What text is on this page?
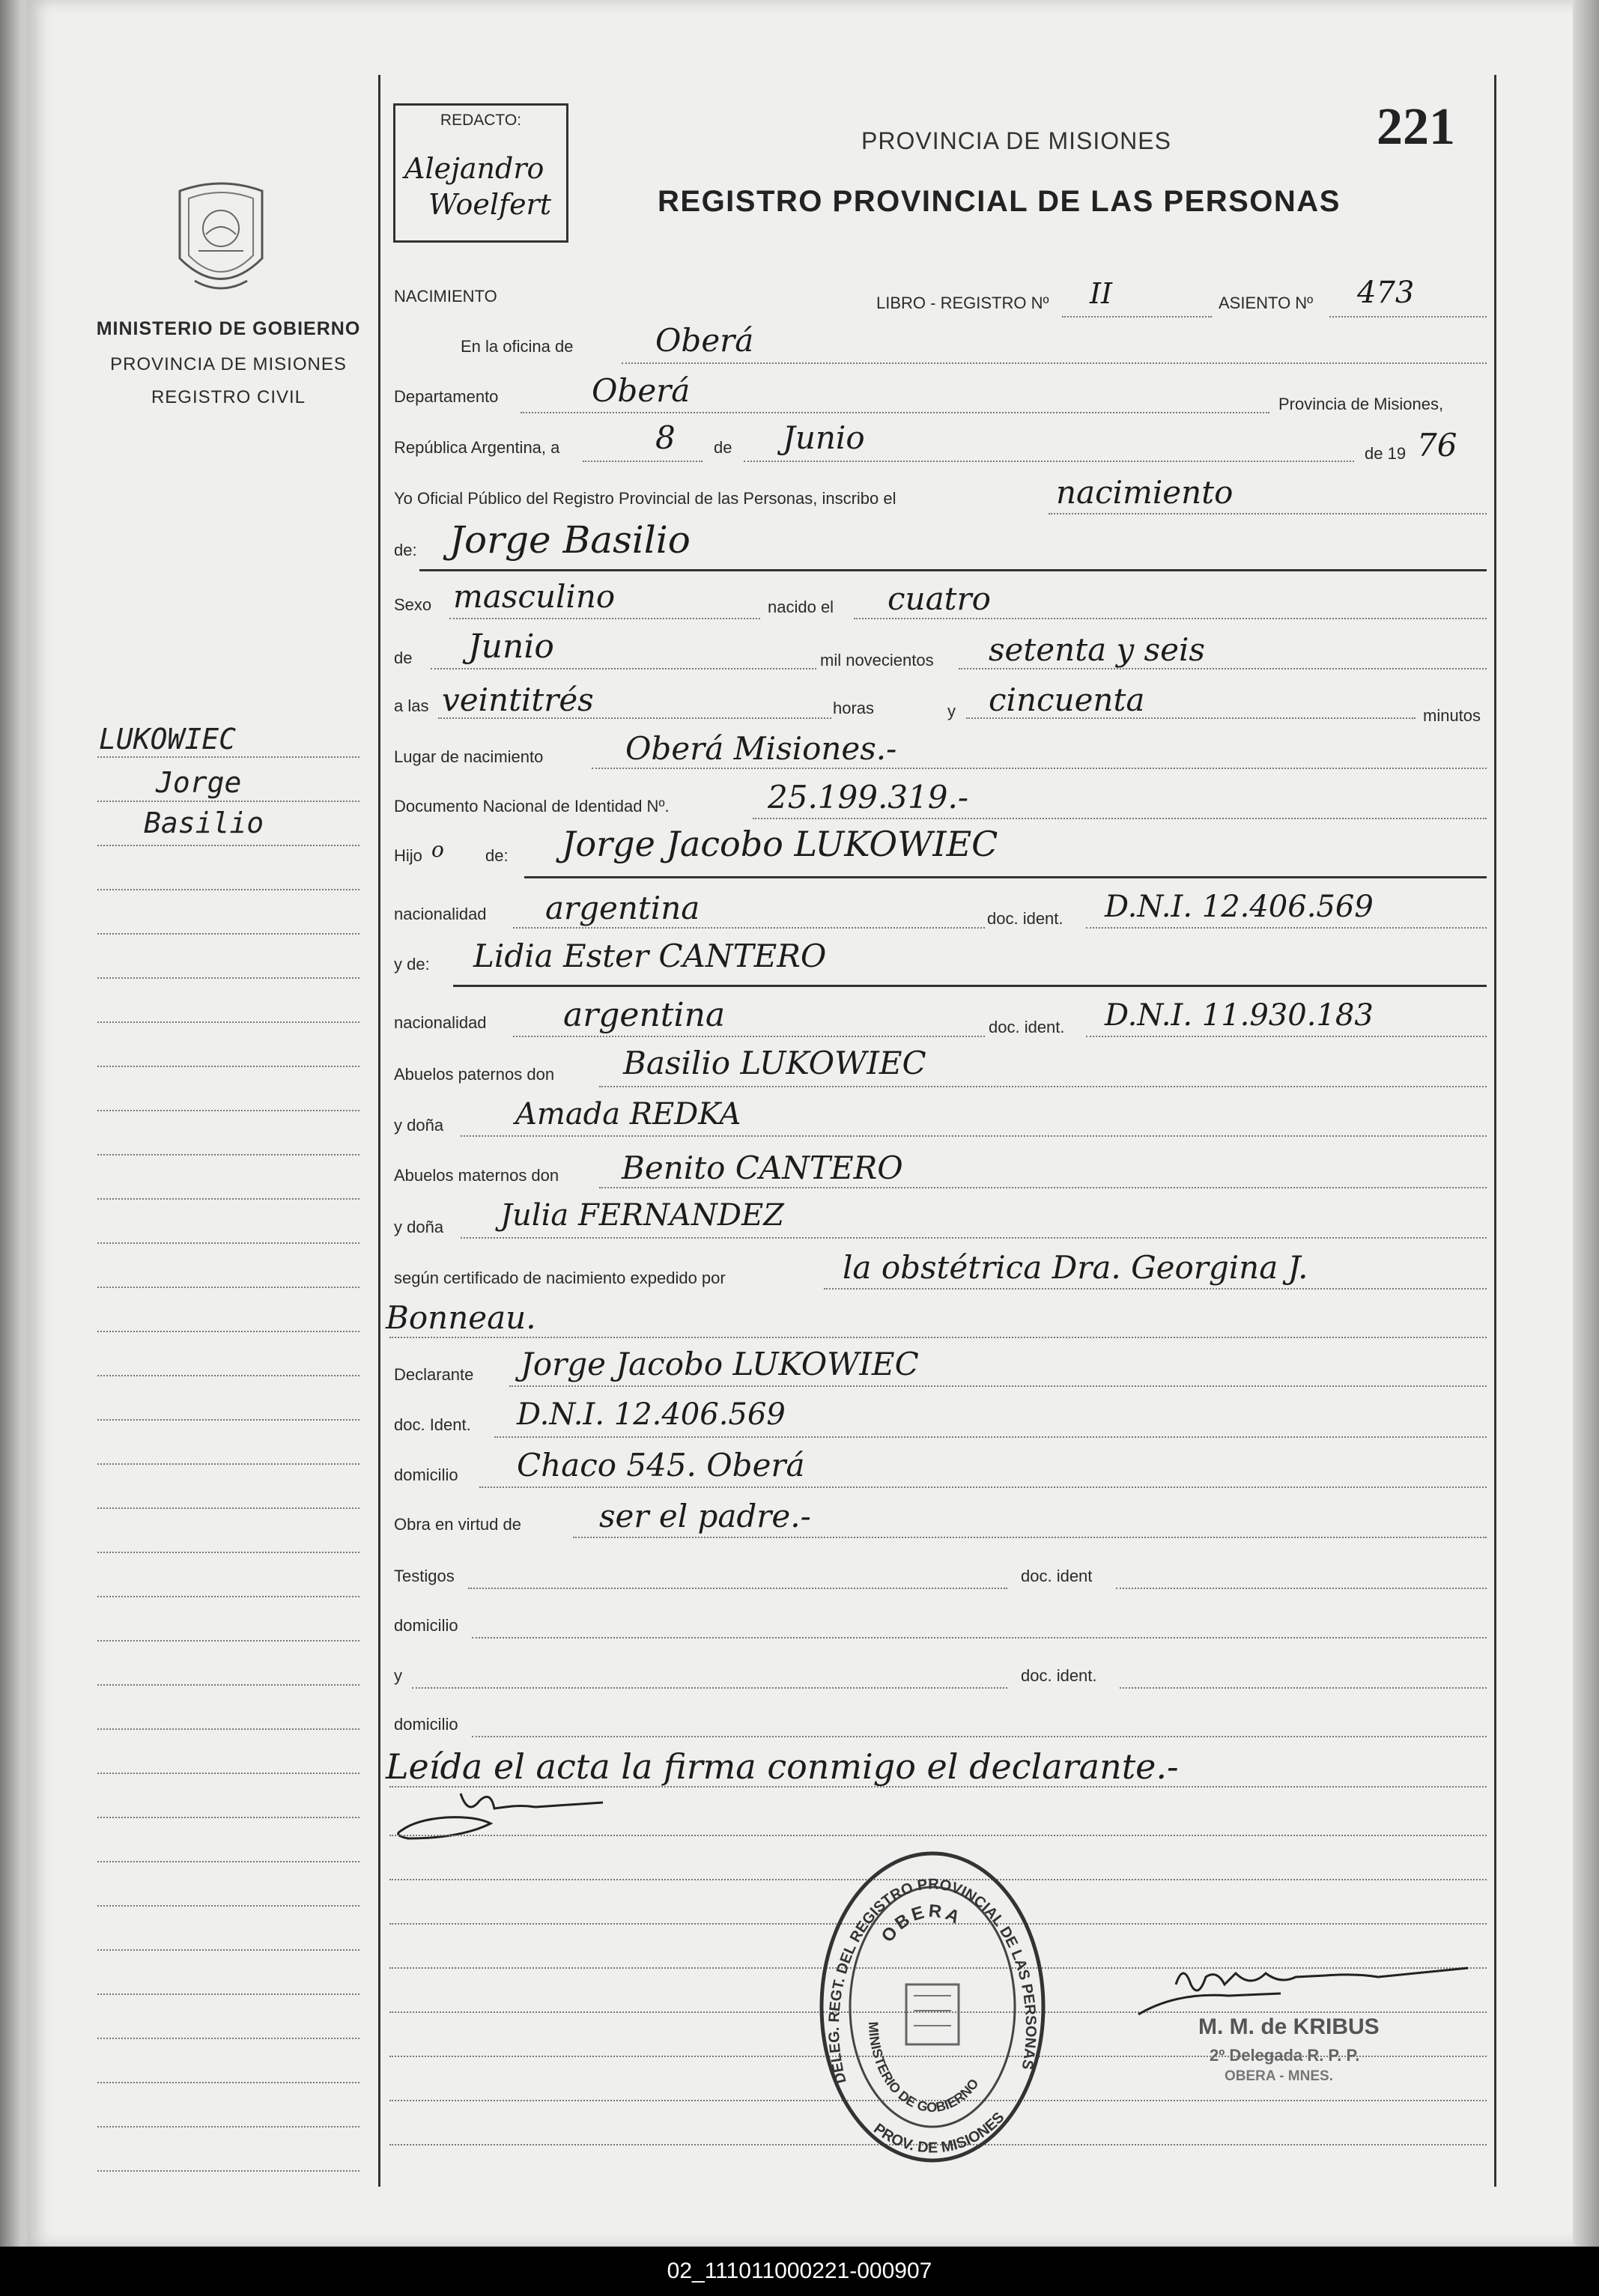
MINISTERIO DE GOBIERNO
PROVINCIA DE MISIONES
REGISTRO CIVIL
LUKOWIEC
Jorge
Basilio
REDACTO:
Alejandro
Woelfert
PROVINCIA DE MISIONES
REGISTRO PROVINCIAL DE LAS PERSONAS
221
NACIMIENTO	LIBRO - REGISTRO Nº II	ASIENTO Nº 473
En la oficina de	Oberá
Departamento	Oberá	Provincia de Misiones,
República Argentina, a	8 de Junio	de 19 76
Yo Oficial Público del Registro Provincial de las Personas, inscribo el	nacimiento
de: Jorge Basilio
Sexo masculino	nacido el cuatro
de Junio	mil novecientos setenta y seis
a las veintitrés	horas	y cincuenta	minutos
Lugar de nacimiento	Oberá Misiones.-
Documento Nacional de Identidad Nº.	25.199.319.-
Hijo o	de: Jorge Jacobo LUKOWIEC
nacionalidad argentina	doc. ident. D.N.I. 12.406.569
y de: Lidia Ester CANTERO
nacionalidad argentina	doc. ident. D.N.I. 11.930.183
Abuelos paternos don Basilio LUKOWIEC
y doña Amada REDKA
Abuelos maternos don Benito CANTERO
y doña Julia FERNANDEZ
según certificado de nacimiento expedido por	la obstétrica Dra. Georgina J.
Bonneau.
Declarante Jorge Jacobo LUKOWIEC
doc. Ident. D.N.I. 12.406.569
domicilio Chaco 545. Oberá
Obra en virtud de ser el padre.-
Testigos	doc. ident
domicilio
y	doc. ident.
domicilio
Leída el acta la firma conmigo el declarante.-
DELEG. REGT. DEL REGISTRO PROVINCIAL DE LAS PERSONAS
OBERA
MINISTERIO DE GOBIERNO
PROV. DE MISIONES
M. M. de KRIBUS
2º Delegada R. P. P.
OBERA - MNES.
02_111011000221-000907
